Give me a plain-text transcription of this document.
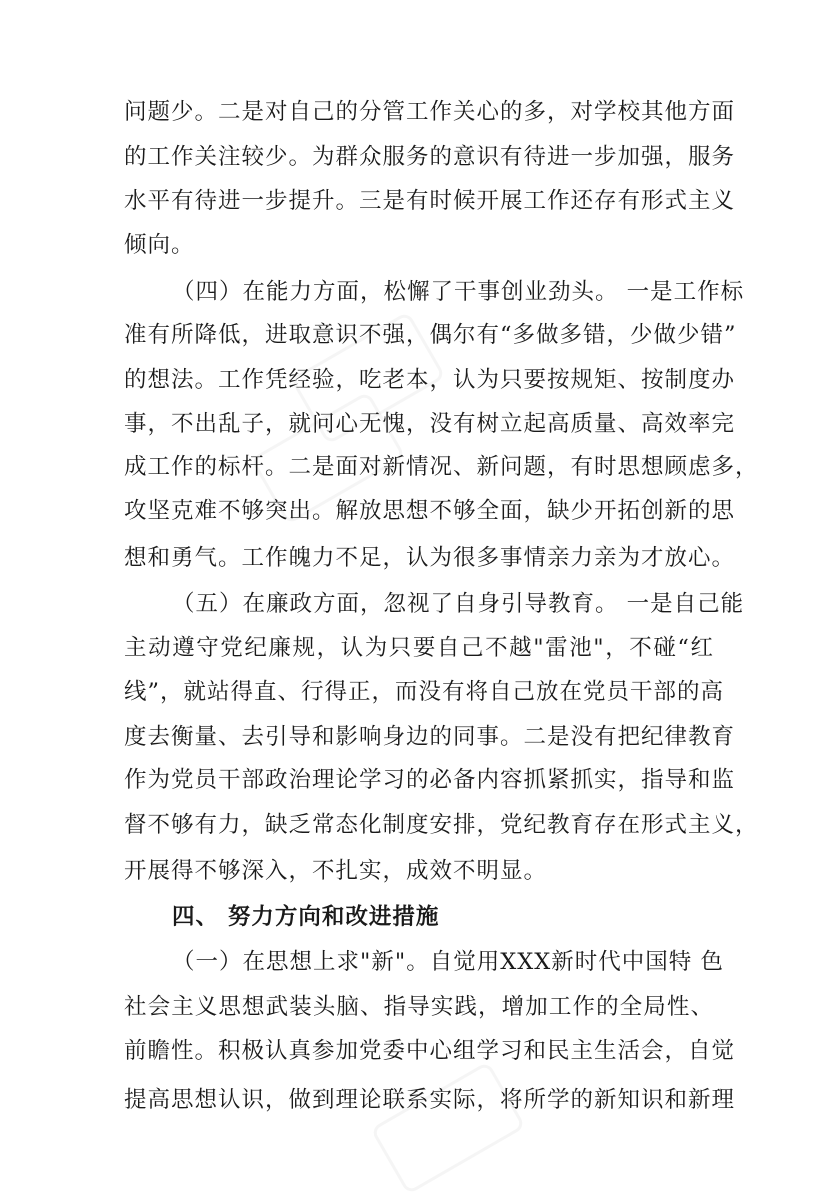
问题少。二是对自己的分管工作关心的多，对学校其他方面
的工作关注较少。为群众服务的意识有待进一步加强，服务
水平有待进一步提升。三是有时候开展工作还存有形式主义
倾向。
（四）在能力方面，松懈了干事创业劲头。 一是工作标
准有所降低，进取意识不强，偶尔有“多做多错，少做少错”
的想法。工作凭经验，吃老本，认为只要按规矩、按制度办
事，不出乱子，就问心无愧，没有树立起高质量、高效率完
成工作的标杆。二是面对新情况、新问题，有时思想顾虑多，
攻坚克难不够突出。解放思想不够全面，缺少开拓创新的思
想和勇气。工作魄力不足，认为很多事情亲力亲为才放心。
（五）在廉政方面，忽视了自身引导教育。 一是自己能
主动遵守党纪廉规，认为只要自己不越"雷池"，不碰“红
线”，就站得直、行得正，而没有将自己放在党员干部的高
度去衡量、去引导和影响身边的同事。二是没有把纪律教育
作为党员干部政治理论学习的必备内容抓紧抓实，指导和监
督不够有力，缺乏常态化制度安排，党纪教育存在形式主义，
开展得不够深入，不扎实，成效不明显。
四、 努力方向和改进措施
（一）在思想上求"新"。自觉用XXX新时代中国特 色
社会主义思想武装头脑、指导实践，增加工作的全局性、
前瞻性。积极认真参加党委中心组学习和民主生活会，自觉
提高思想认识，做到理论联系实际，将所学的新知识和新理
